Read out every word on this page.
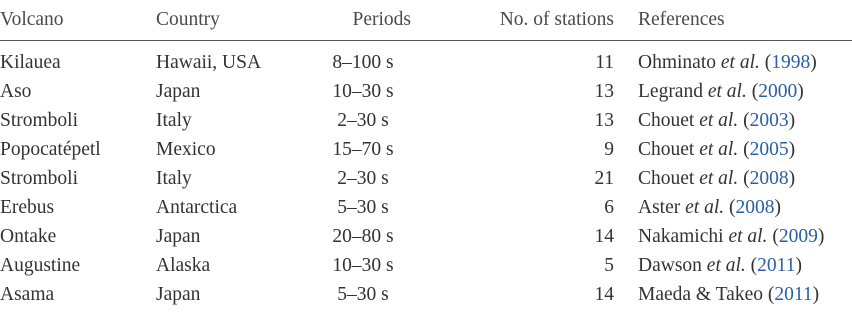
Volcano	Country	Periods	No. of stations	References
Kilauea	Hawaii, USA	8–100 s	11	Ohminato et al. (1998)
Aso	Japan	10–30 s	13	Legrand et al. (2000)
Stromboli	Italy	2–30 s	13	Chouet et al. (2003)
Popocatépetl	Mexico	15–70 s	9	Chouet et al. (2005)
Stromboli	Italy	2–30 s	21	Chouet et al. (2008)
Erebus	Antarctica	5–30 s	6	Aster et al. (2008)
Ontake	Japan	20–80 s	14	Nakamichi et al. (2009)
Augustine	Alaska	10–30 s	5	Dawson et al. (2011)
Asama	Japan	5–30 s	14	Maeda & Takeo (2011)
